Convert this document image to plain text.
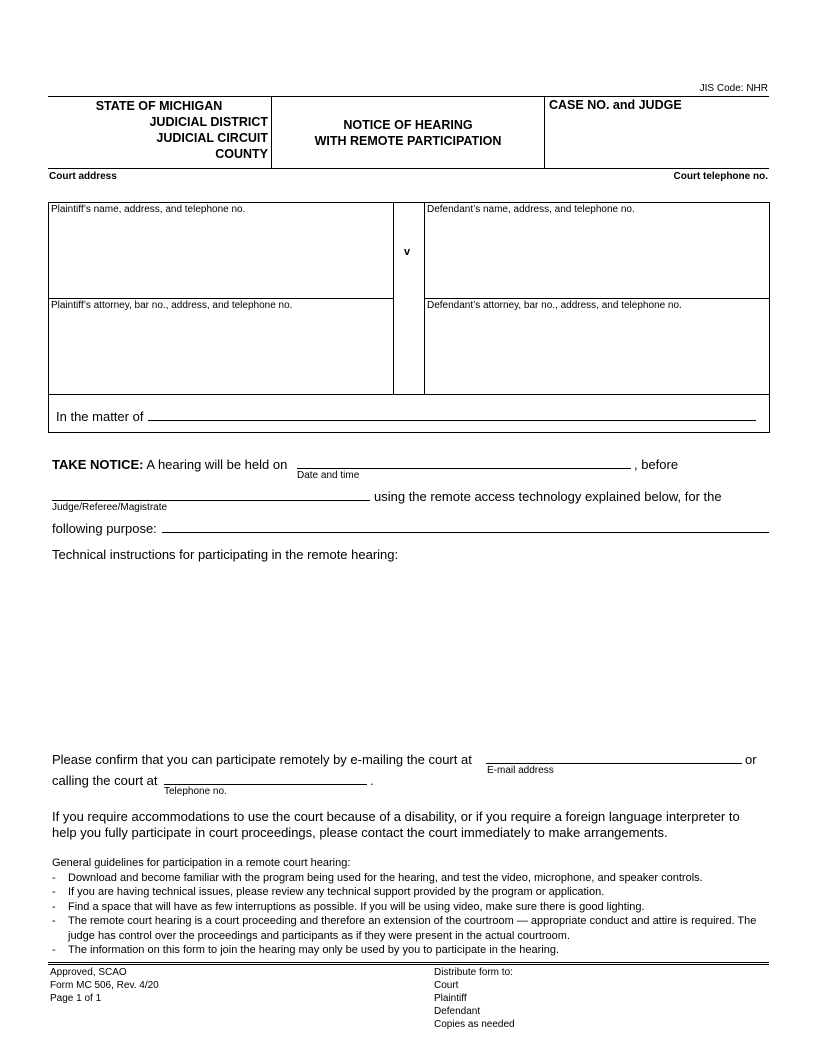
JIS Code: NHR
STATE OF MICHIGAN
JUDICIAL DISTRICT
JUDICIAL CIRCUIT
COUNTY
NOTICE OF HEARING
WITH REMOTE PARTICIPATION
CASE NO. and JUDGE
Court address	Court telephone no.
Plaintiff’s name, address, and telephone no.
Plaintiff’s attorney, bar no., address, and telephone no.
v
Defendant’s name, address, and telephone no.
Defendant’s attorney, bar no., address, and telephone no.
In the matter of
TAKE NOTICE: A hearing will be held on	, before
Date and time
using the remote access technology explained below, for the
Judge/Referee/Magistrate
following purpose:
Technical instructions for participating in the remote hearing:
Please confirm that you can participate remotely by e-mailing the court at	or
E-mail address
calling the court at	.
Telephone no.
If you require accommodations to use the court because of a disability, or if you require a foreign language interpreter to
help you fully participate in court proceedings, please contact the court immediately to make arrangements.
General guidelines for participation in a remote court hearing:
-	Download and become familiar with the program being used for the hearing, and test the video, microphone, and speaker controls.
-	If you are having technical issues, please review any technical support provided by the program or application.
-	Find a space that will have as few interruptions as possible. If you will be using video, make sure there is good lighting.
-	The remote court hearing is a court proceeding and therefore an extension of the courtroom — appropriate conduct and attire is required. The judge has control over the proceedings and participants as if they were present in the actual courtroom.
-	The information on this form to join the hearing may only be used by you to participate in the hearing.
Approved, SCAO
Form MC 506, Rev. 4/20
Page 1 of 1
Distribute form to:
Court
Plaintiff
Defendant
Copies as needed
